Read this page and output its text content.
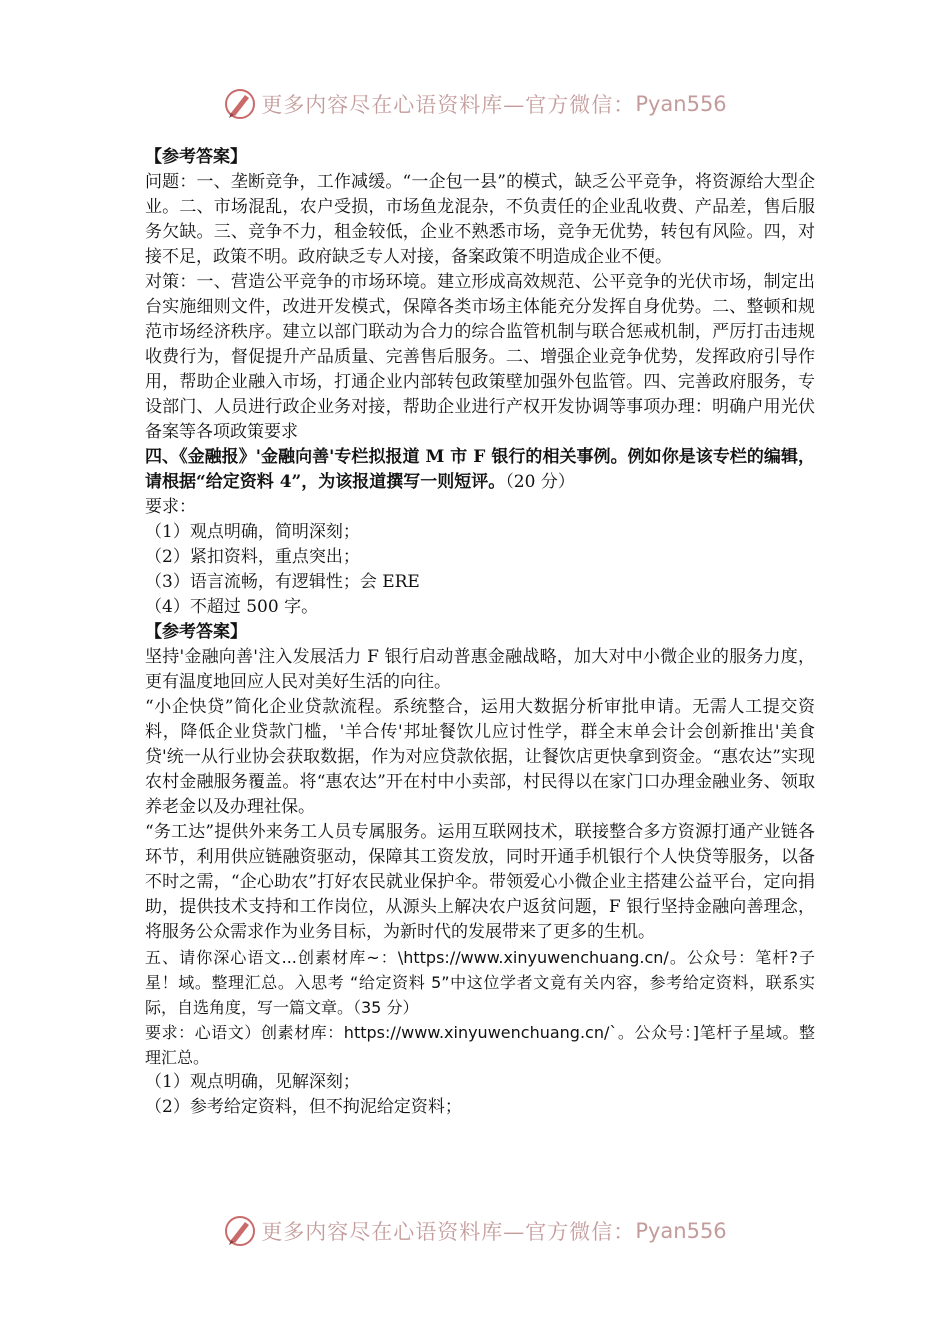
更多内容尽在心语资料库—官方微信： Pyan556

【参考答案】

问题：一、垄断竞争，工作减缓。“一企包一县”的模式，缺乏公平竞争，将资源给大型企业。二、市场混乱，农户受损，市场鱼龙混杂，不负责任的企业乱收费、产品差，售后服务欠缺。三、竞争不力，租金较低，企业不熟悉市场，竞争无优势，转包有风险。四，对接不足，政策不明。政府缺乏专人对接，备案政策不明造成企业不便。

对策：一、营造公平竞争的市场环境。建立形成高效规范、公平竞争的光伏市场，制定出台实施细则文件，改进开发模式，保障各类市场主体能充分发挥自身优势。二、整顿和规范市场经济秩序。建立以部门联动为合力的综合监管机制与联合惩戒机制，严厉打击违规收费行为，督促提升产品质量、完善售后服务。二、增强企业竞争优势，发挥政府引导作用，帮助企业融入市场，打通企业内部转包政策壁加强外包监管。四、完善政府服务，专设部门、人员进行政企业务对接，帮助企业进行产权开发协调等事项办理：明确户用光伏备案等各项政策要求

四、《金融报》'金融向善'专栏拟报道 M 市 F 银行的相关事例。例如你是该专栏的编辑，请根据“给定资料 4”，为该报道撰写一则短评。（20 分）

要求：

（1）观点明确，简明深刻；

（2）紧扣资料，重点突出；

（3）语言流畅，有逻辑性；会 ERE

（4）不超过 500 字。

【参考答案】

坚持'金融向善'注入发展活力 F 银行启动普惠金融战略，加大对中小微企业的服务力度，更有温度地回应人民对美好生活的向往。

“小企快贷”简化企业贷款流程。系统整合，运用大数据分析审批申请。无需人工提交资料，降低企业贷款门槛，'羊合传'邦址餐饮儿应讨性学，群全末单会计会创新推出'美食贷'统一从行业协会获取数据，作为对应贷款依据，让餐饮店更快拿到资金。“惠农达”实现农村金融服务覆盖。将“惠农达”开在村中小卖部，村民得以在家门口办理金融业务、领取养老金以及办理社保。

“务工达”提供外来务工人员专属服务。运用互联网技术，联接整合多方资源打通产业链各环节，利用供应链融资驱动，保障其工资发放，同时开通手机银行个人快贷等服务，以备不时之需，“企心助农”打好农民就业保护伞。带领爱心小微企业主搭建公益平台，定向捐助，提供技术支持和工作岗位，从源头上解决农户返贫问题，F 银行坚持金融向善理念，将服务公众需求作为业务目标，为新时代的发展带来了更多的生机。

五、请你深心语文...创素材库~：\https://www.xinyuwenchuang.cn/。公众号：笔杆?子星！域。整理汇总。入思考 “给定资料 5”中这位学者文竟有关内容，参考给定资料，联系实际，自选角度，写一篇文章。（35 分）

要求：心语文）创素材库：https://www.xinyuwenchuang.cn/`。公众号：]笔杆子星域。整理汇总。

（1）观点明确，见解深刻；

（2）参考给定资料，但不拘泥给定资料；

更多内容尽在心语资料库—官方微信： Pyan556
